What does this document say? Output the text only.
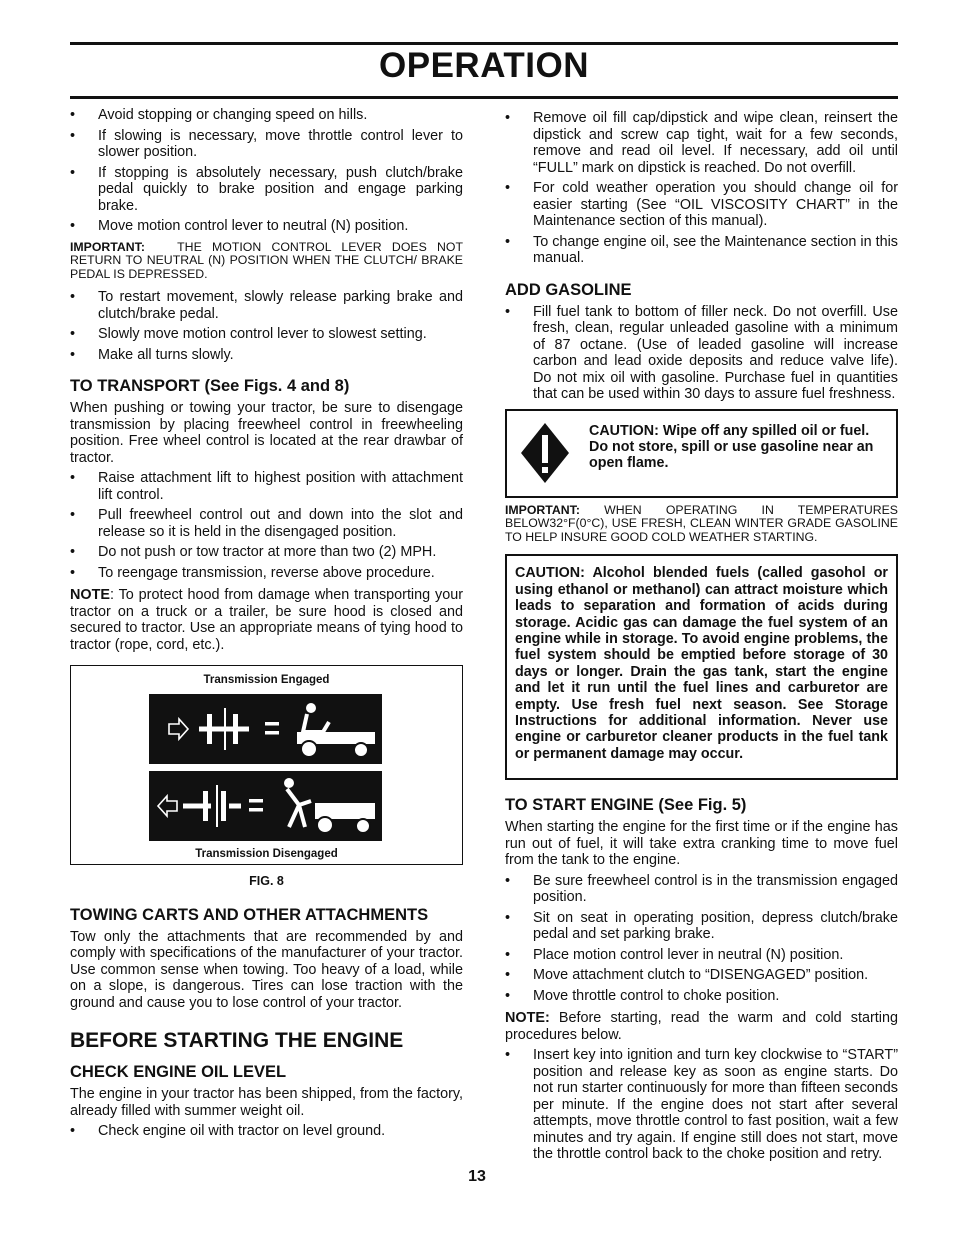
OPERATION
• Avoid stopping or changing speed on hills.
• If slowing is necessary, move throttle control lever to slower position.
• If stopping is absolutely necessary, push clutch/brake pedal quickly to brake position and engage parking brake.
• Move motion control lever to neutral (N) position.
IMPORTANT:	THE MOTION CONTROL LEVER DOES NOT RETURN TO NEUTRAL (N) POSITION WHEN THE CLUTCH/ BRAKE PEDAL IS DEPRESSED.
• To restart movement, slowly release parking brake and clutch/brake pedal.
• Slowly move motion control lever to slowest setting.
• Make all turns slowly.
TO TRANSPORT (See Figs. 4 and 8)
When pushing or towing your tractor, be sure to disengage transmission by placing freewheel control in freewheeling position. Free wheel control is located at the rear drawbar of tractor.
• Raise attachment lift to highest position with attachment lift control.
• Pull freewheel control out and down into the slot and release so it is held in the disengaged position.
• Do not push or tow tractor at more than two (2) MPH.
• To reengage transmission, reverse above procedure.
NOTE: To protect hood from damage when transporting your tractor on a truck or a trailer, be sure hood is closed and secured to tractor. Use an appropriate means of tying hood to tractor (rope, cord, etc.).
Transmission Engaged
Transmission Disengaged
FIG. 8
TOWING CARTS AND OTHER ATTACHMENTS
Tow only the attachments that are recommended by and comply with specifications of the manufacturer of your tractor. Use common sense when towing. Too heavy of a load, while on a slope, is dangerous. Tires can lose traction with the ground and cause you to lose control of your tractor.
BEFORE STARTING THE ENGINE
CHECK ENGINE OIL LEVEL
The engine in your tractor has been shipped, from the factory, already filled with summer weight oil.
• Check engine oil with tractor on level ground.
• Remove oil fill cap/dipstick and wipe clean, reinsert the dipstick and screw cap tight, wait for a few seconds, remove and read oil level. If necessary, add oil until “FULL” mark on dipstick is reached. Do not overfill.
• For cold weather operation you should change oil for easier starting (See “OIL VISCOSITY CHART” in the Maintenance section of this manual).
• To change engine oil, see the Maintenance section in this manual.
ADD GASOLINE
• Fill fuel tank to bottom of filler neck. Do not overfill. Use fresh, clean, regular unleaded gasoline with a minimum of 87 octane. (Use of leaded gasoline will increase carbon and lead oxide deposits and reduce valve life). Do not mix oil with gasoline. Purchase fuel in quantities that can be used within 30 days to assure fuel freshness.
CAUTION: Wipe off any spilled oil or fuel. Do not store, spill or use gasoline near an open flame.
IMPORTANT: WHEN OPERATING IN TEMPERATURES BELOW32°F(0°C), USE FRESH, CLEAN WINTER GRADE GASOLINE TO HELP INSURE GOOD COLD WEATHER STARTING.
CAUTION: Alcohol blended fuels (called gasohol or using ethanol or methanol) can attract moisture which leads to separation and formation of acids during storage. Acidic gas can damage the fuel system of an engine while in storage. To avoid engine problems, the fuel system should be emptied before storage of 30 days or longer. Drain the gas tank, start the engine and let it run until the fuel lines and carburetor are empty. Use fresh fuel next season. See Storage Instructions for additional information. Never use engine or carburetor cleaner products in the fuel tank or permanent damage may occur.
TO START ENGINE (See Fig. 5)
When starting the engine for the first time or if the engine has run out of fuel, it will take extra cranking time to move fuel from the tank to the engine.
• Be sure freewheel control is in the transmission engaged position.
• Sit on seat in operating position, depress clutch/brake pedal and set parking brake.
• Place motion control lever in neutral (N) position.
• Move attachment clutch to “DISENGAGED” position.
• Move throttle control to choke position.
NOTE: Before starting, read the warm and cold starting procedures below.
• Insert key into ignition and turn key clockwise to “START” position and release key as soon as engine starts. Do not run starter continuously for more than fifteen seconds per minute. If the engine does not start after several attempts, move throttle control to fast position, wait a few minutes and try again. If engine still does not start, move the throttle control back to the choke position and retry.
13
